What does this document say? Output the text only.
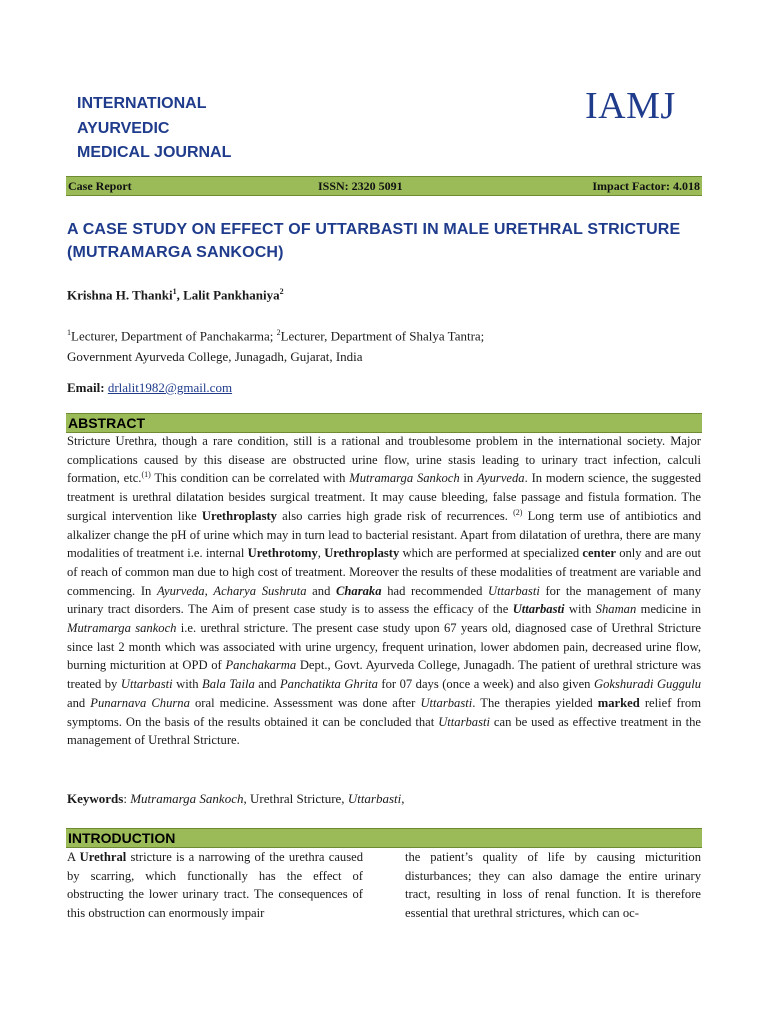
INTERNATIONAL
AYURVEDIC
MEDICAL JOURNAL
IAMJ
Case Report	ISSN: 2320 5091	Impact Factor: 4.018
A CASE STUDY ON EFFECT OF UTTARBASTI IN MALE URETHRAL STRICTURE
(MUTRAMARGA SANKOCH)
Krishna H. Thanki$^1$, Lalit Pankhaniya$^2$
$^1$Lecturer, Department of Panchakarma; $^2$Lecturer, Department of Shalya Tantra;
Government Ayurveda College, Junagadh, Gujarat, India
Email: drlalit1982@gmail.com
ABSTRACT

Stricture Urethra, though a rare condition, still is a rational and troublesome problem in the international society. Major complications caused by this disease are obstructed urine flow, urine stasis leading to urinary tract infection, calculi formation, etc.$^{(1)}$ This condition can be correlated with Mutramarga Sankoch in Ayurveda. In modern science, the suggested treatment is urethral dilatation besides surgical treatment. It may cause bleeding, false passage and fistula formation. The surgical intervention like Urethroplasty also carries high grade risk of recurrences. $^{(2)}$ Long term use of antibiotics and alkalizer change the pH of urine which may in turn lead to bacterial resistant. Apart from dilatation of urethra, there are many modalities of treatment i.e. internal Urethrotomy, Urethroplasty which are performed at specialized center only and are out of reach of common man due to high cost of treatment. Moreover the results of these modalities of treatment are variable and commencing. In Ayurveda, Acharya Sushruta and Charaka had recommended Uttarbasti for the management of many urinary tract disorders. The Aim of present case study is to assess the efficacy of the Uttarbasti with Shaman medicine in Mutramarga sankoch i.e. urethral stricture. The present case study upon 67 years old, diagnosed case of Urethral Stricture since last 2 month which was associated with urine urgency, frequent urination, lower abdomen pain, decreased urine flow, burning micturition at OPD of Panchakarma Dept., Govt. Ayurveda College, Junagadh. The patient of urethral stricture was treated by Uttarbasti with Bala Taila and Panchatikta Ghrita for 07 days (once a week) and also given Gokshuradi Guggulu and Punarnava Churna oral medicine. Assessment was done after Uttarbasti. The therapies yielded marked relief from symptoms. On the basis of the results obtained it can be concluded that Uttarbasti can be used as effective treatment in the management of Urethral Stricture.

Keywords: Mutramarga Sankoch, Urethral Stricture, Uttarbasti,
INTRODUCTION

A Urethral stricture is a narrowing of the urethra caused by scarring, which functionally has the effect of obstructing the lower urinary tract. The consequences of this obstruction can enormously impair

the patient’s quality of life by causing micturition disturbances; they can also damage the entire urinary tract, resulting in loss of renal function. It is therefore essential that urethral strictures, which can oc-
